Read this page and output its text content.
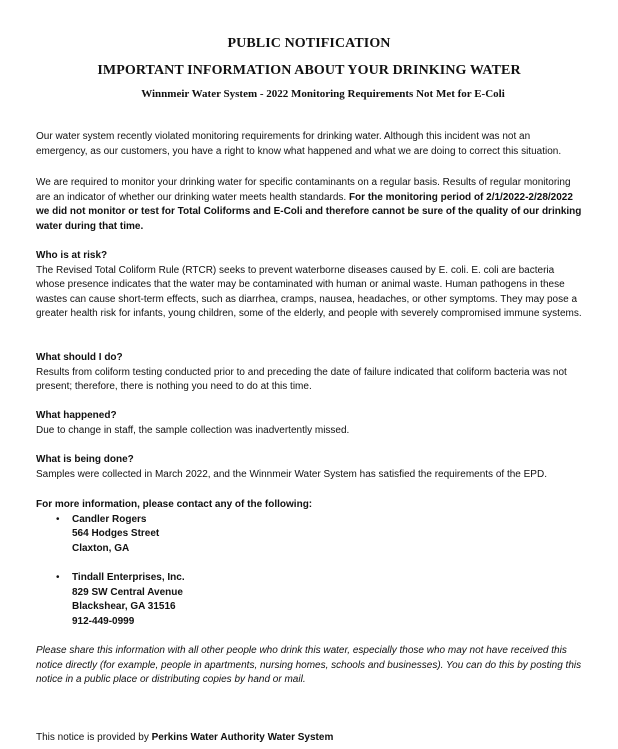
PUBLIC NOTIFICATION
IMPORTANT INFORMATION ABOUT YOUR DRINKING WATER
Winnmeir Water System - 2022 Monitoring Requirements Not Met for E-Coli

Our water system recently violated monitoring requirements for drinking water. Although this incident was not an emergency, as our customers, you have a right to know what happened and what we are doing to correct this situation.

We are required to monitor your drinking water for specific contaminants on a regular basis. Results of regular monitoring are an indicator of whether our drinking water meets health standards. For the monitoring period of 2/1/2022-2/28/2022 we did not monitor or test for Total Coliforms and E-Coli and therefore cannot be sure of the quality of our drinking water during that time.

Who is at risk?

The Revised Total Coliform Rule (RTCR) seeks to prevent waterborne diseases caused by E. coli. E. coli are bacteria whose presence indicates that the water may be contaminated with human or animal waste. Human pathogens in these wastes can cause short-term effects, such as diarrhea, cramps, nausea, headaches, or other symptoms. They may pose a greater health risk for infants, young children, some of the elderly, and people with severely compromised immune systems.

What should I do?

Results from coliform testing conducted prior to and preceding the date of failure indicated that coliform bacteria was not present; therefore, there is nothing you need to do at this time.

What happened?

Due to change in staff, the sample collection was inadvertently missed.

What is being done?

Samples were collected in March 2022, and the Winnmeir Water System has satisfied the requirements of the EPD.

For more information, please contact any of the following:

• Candler Rogers
564 Hodges Street
Claxton, GA
• Tindall Enterprises, Inc.
829 SW Central Avenue
Blackshear, GA 31516
912-449-0999

Please share this information with all other people who drink this water, especially those who may not have received this notice directly (for example, people in apartments, nursing homes, schools and businesses). You can do this by posting this notice in a public place or distributing copies by hand or mail.

This notice is provided by Perkins Water Authority Water System
